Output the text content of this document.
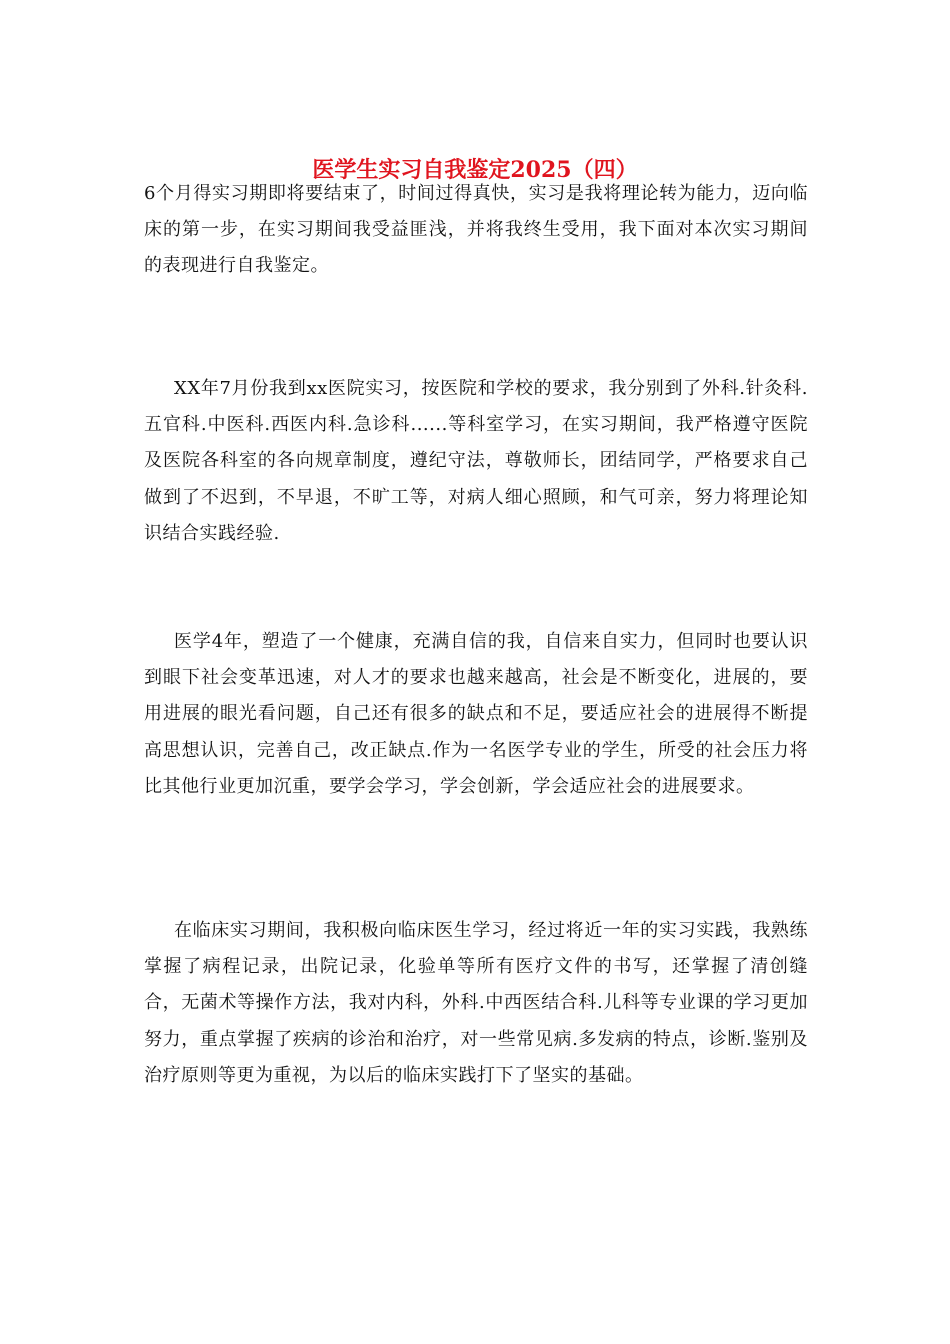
医学生实习自我鉴定2025（四）

6个月得实习期即将要结束了，时间过得真快，实习是我将理论转为能力，迈向临床的第一步，在实习期间我受益匪浅，并将我终生受用，我下面对本次实习期间的表现进行自我鉴定。

XX年7月份我到xx医院实习，按医院和学校的要求，我分别到了外科.针灸科.五官科.中医科.西医内科.急诊科......等科室学习，在实习期间，我严格遵守医院及医院各科室的各向规章制度，遵纪守法，尊敬师长，团结同学，严格要求自己做到了不迟到，不早退，不旷工等，对病人细心照顾，和气可亲，努力将理论知识结合实践经验.

医学4年，塑造了一个健康，充满自信的我，自信来自实力，但同时也要认识到眼下社会变革迅速，对人才的要求也越来越高，社会是不断变化，进展的，要用进展的眼光看问题，自己还有很多的缺点和不足，要适应社会的进展得不断提高思想认识，完善自己，改正缺点.作为一名医学专业的学生，所受的社会压力将比其他行业更加沉重，要学会学习，学会创新，学会适应社会的进展要求。

在临床实习期间，我积极向临床医生学习，经过将近一年的实习实践，我熟练掌握了病程记录，出院记录，化验单等所有医疗文件的书写，还掌握了清创缝合，无菌术等操作方法，我对内科，外科.中西医结合科.儿科等专业课的学习更加努力，重点掌握了疾病的诊治和治疗，对一些常见病.多发病的特点，诊断.鉴别及治疗原则等更为重视，为以后的临床实践打下了坚实的基础。
